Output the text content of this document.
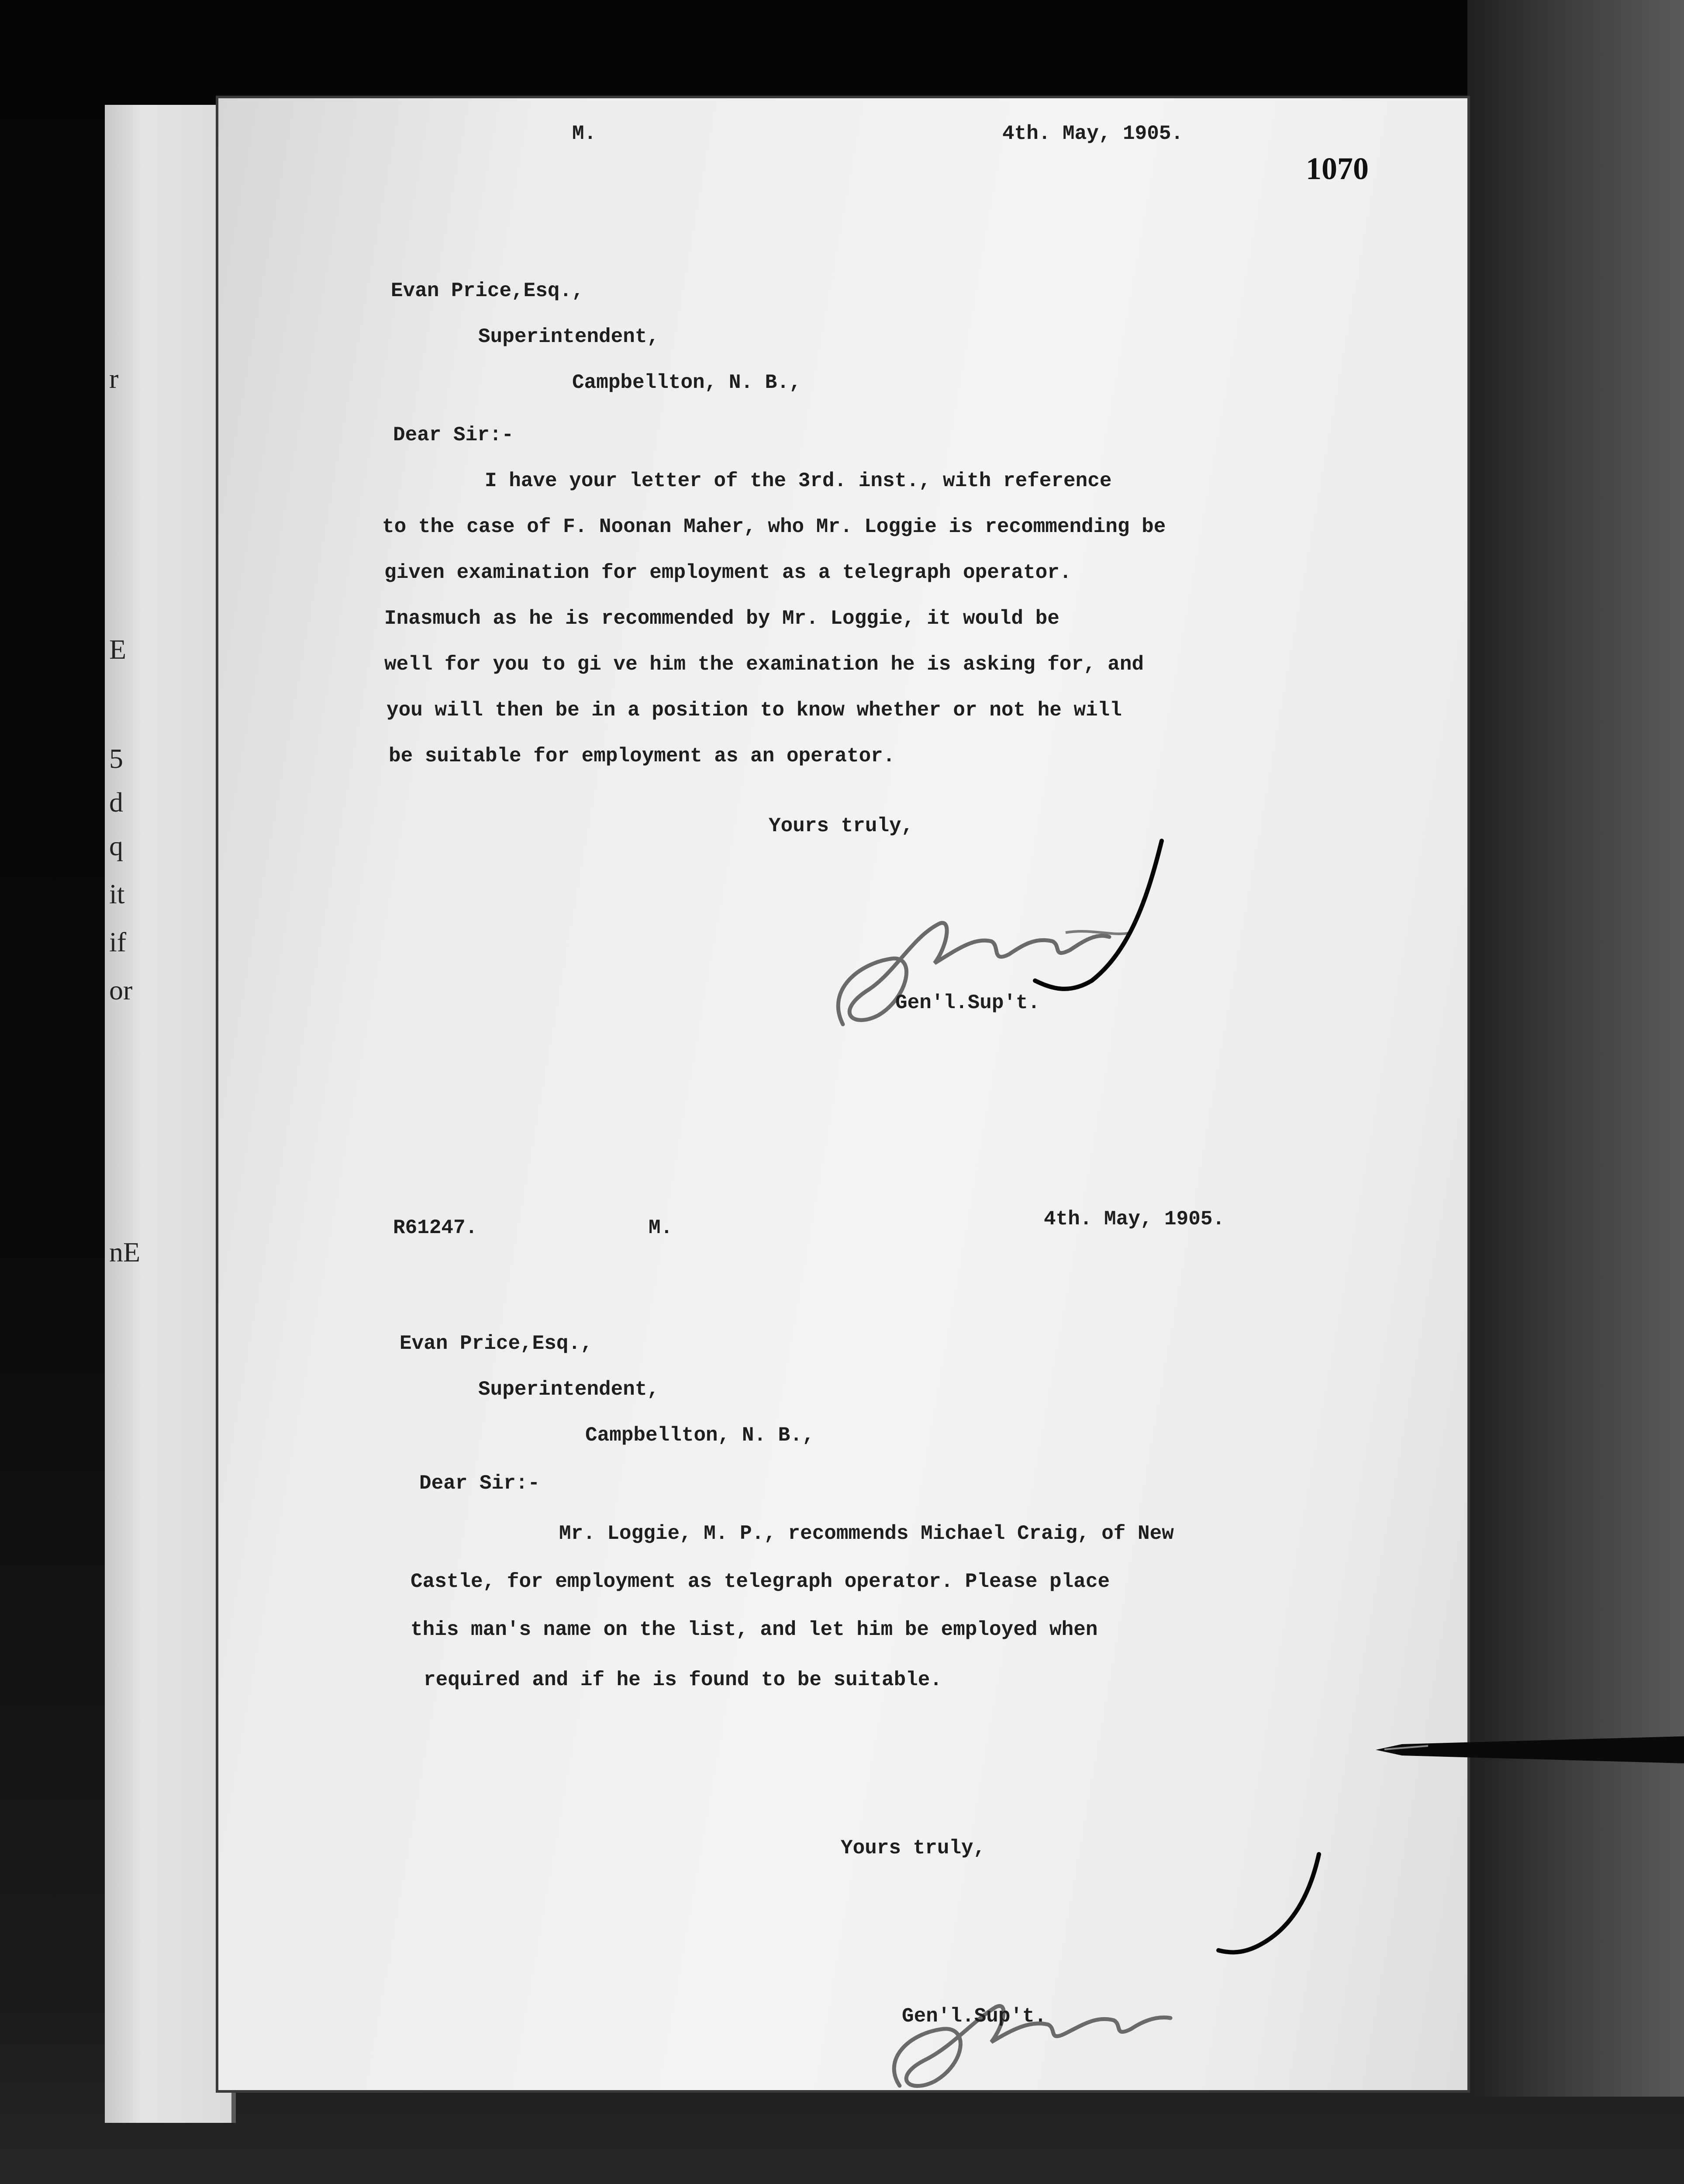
r
E
5
d
q
it
if
or
nE
M.	4th. May, 1905.
1070
Evan Price,Esq.,
Superintendent,
Campbellton, N. B.,
Dear Sir:-
I have your letter of the 3rd. inst., with reference
to the case of F. Noonan Maher, who Mr. Loggie is recommending be
given examination for employment as a telegraph operator.
Inasmuch as he is recommended by Mr. Loggie, it would be
well for you to gi ve him the examination he is asking for, and
you will then be in a position to know whether or not he will
be suitable for employment as an operator.
Yours truly,
Gen'l.Sup't.
R61247.	M.	4th. May, 1905.
Evan Price,Esq.,
Superintendent,
Campbellton, N. B.,
Dear Sir:-
Mr. Loggie, M. P., recommends Michael Craig, of New
Castle, for employment as telegraph operator. Please place
this man's name on the list, and let him be employed when
required and if he is found to be suitable.
Yours truly,
Gen'l.Sup't.
